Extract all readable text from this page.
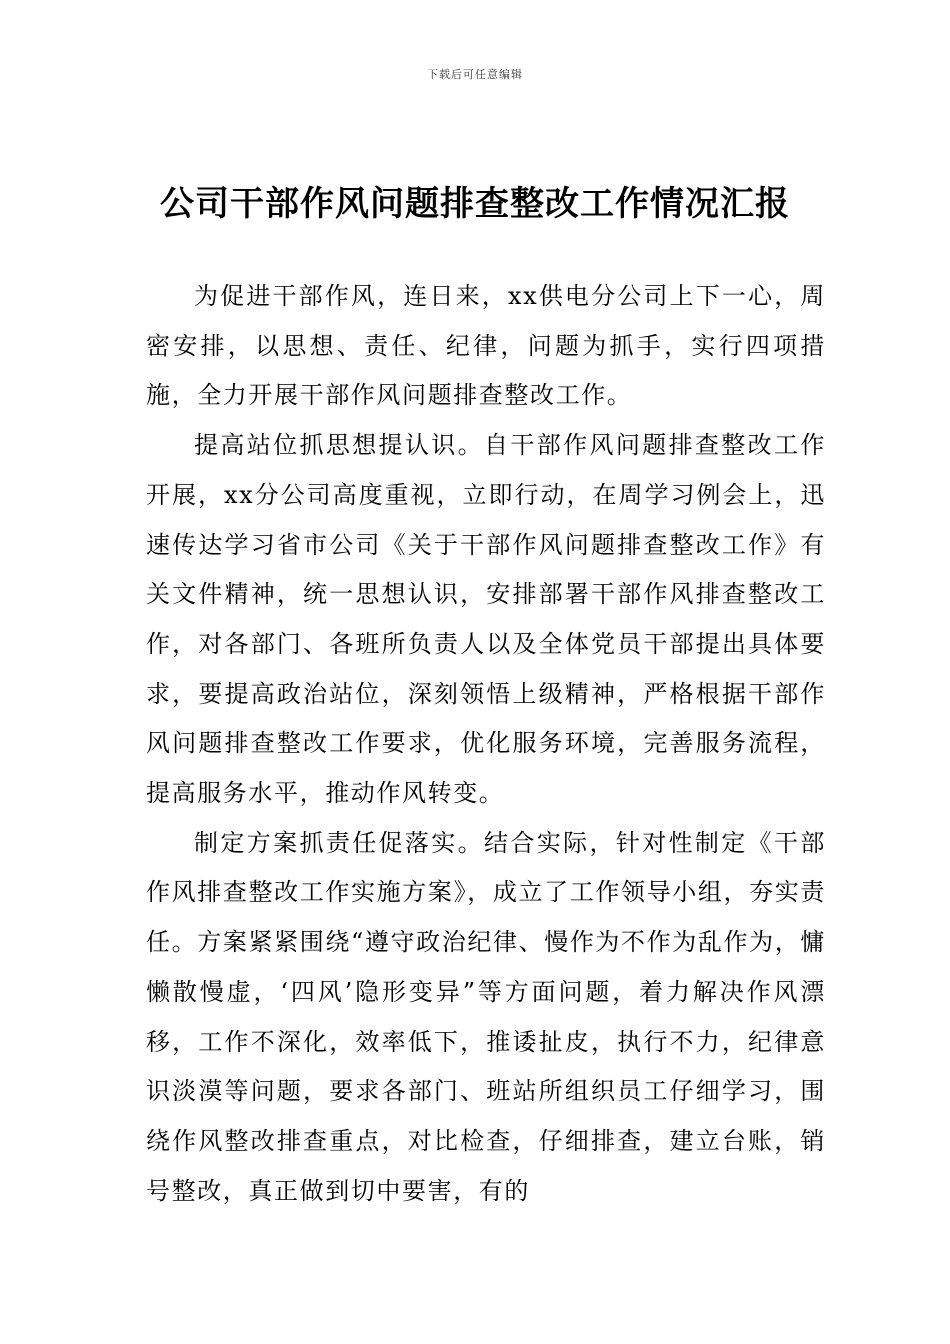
下载后可任意编辑
公司干部作风问题排查整改工作情况汇报

为促进干部作风，连日来，xx供电分公司上下一心，周密安排，以思想、责任、纪律，问题为抓手，实行四项措施，全力开展干部作风问题排查整改工作。

提高站位抓思想提认识。自干部作风问题排查整改工作开展，xx分公司高度重视，立即行动，在周学习例会上，迅速传达学习省市公司《关于干部作风问题排查整改工作》有关文件精神，统一思想认识，安排部署干部作风排查整改工作，对各部门、各班所负责人以及全体党员干部提出具体要求，要提高政治站位，深刻领悟上级精神，严格根据干部作风问题排查整改工作要求，优化服务环境，完善服务流程，提高服务水平，推动作风转变。

制定方案抓责任促落实。结合实际，针对性制定《干部作风排查整改工作实施方案》，成立了工作领导小组，夯实责任。方案紧紧围绕“遵守政治纪律、慢作为不作为乱作为，慵懒散慢虚，‘四风’隐形变异”等方面问题，着力解决作风漂移，工作不深化，效率低下，推诿扯皮，执行不力，纪律意识淡漠等问题，要求各部门、班站所组织员工仔细学习，围绕作风整改排查重点，对比检查，仔细排查，建立台账，销号整改，真正做到切中要害，有的
